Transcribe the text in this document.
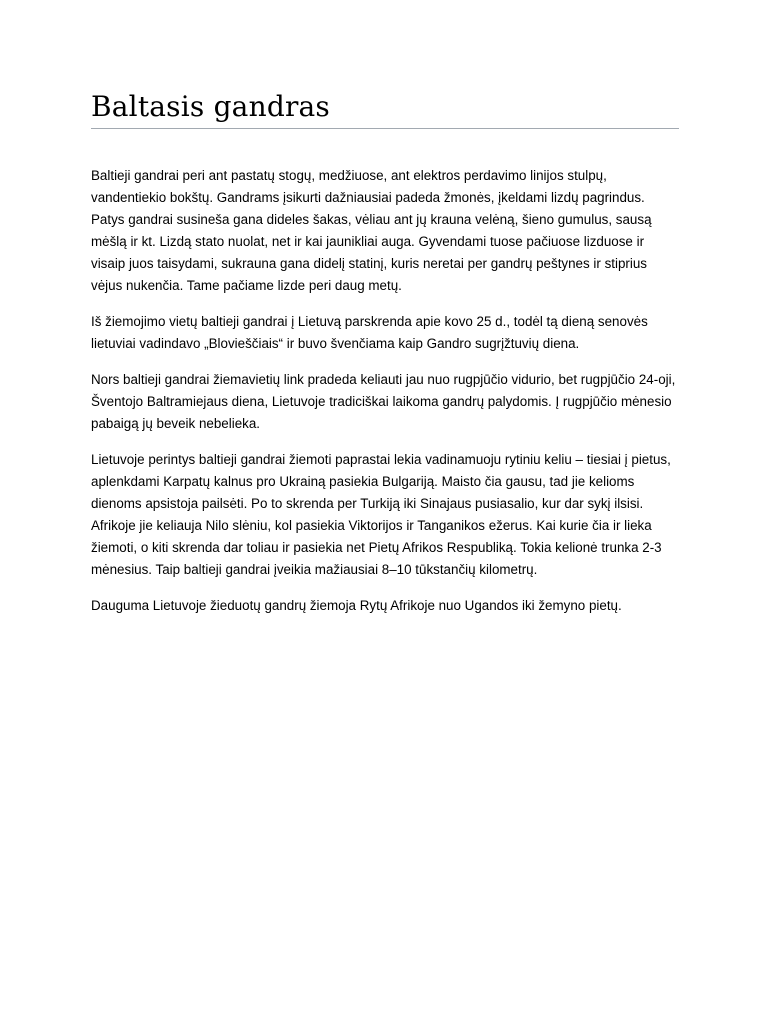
Baltasis gandras

Baltieji gandrai peri ant pastatų stogų, medžiuose, ant elektros perdavimo linijos stulpų, vandentiekio bokštų. Gandrams įsikurti dažniausiai padeda žmonės, įkeldami lizdų pagrindus. Patys gandrai susineša gana dideles šakas, vėliau ant jų krauna velėną, šieno gumulus, sausą mėšlą ir kt. Lizdą stato nuolat, net ir kai jaunikliai auga. Gyvendami tuose pačiuose lizduose ir visaip juos taisydami, sukrauna gana didelį statinį, kuris neretai per gandrų peštynes ir stiprius vėjus nukenčia. Tame pačiame lizde peri daug metų.

Iš žiemojimo vietų baltieji gandrai į Lietuvą parskrenda apie kovo 25 d., todėl tą dieną senovės lietuviai vadindavo „Blovieščiais“ ir buvo švenčiama kaip Gandro sugrįžtuvių diena.

Nors baltieji gandrai žiemavietių link pradeda keliauti jau nuo rugpjūčio vidurio, bet rugpjūčio 24-oji, Šventojo Baltramiejaus diena, Lietuvoje tradiciškai laikoma gandrų palydomis. Į rugpjūčio mėnesio pabaigą jų beveik nebelieka.

Lietuvoje perintys baltieji gandrai žiemoti paprastai lekia vadinamuoju rytiniu keliu – tiesiai į pietus, aplenkdami Karpatų kalnus pro Ukrainą pasiekia Bulgariją. Maisto čia gausu, tad jie kelioms dienoms apsistoja pailsėti. Po to skrenda per Turkiją iki Sinajaus pusiasalio, kur dar sykį ilsisi. Afrikoje jie keliauja Nilo slėniu, kol pasiekia Viktorijos ir Tanganikos ežerus. Kai kurie čia ir lieka žiemoti, o kiti skrenda dar toliau ir pasiekia net Pietų Afrikos Respubliką. Tokia kelionė trunka 2-3 mėnesius. Taip baltieji gandrai įveikia mažiausiai 8–10 tūkstančių kilometrų.

Dauguma Lietuvoje žieduotų gandrų žiemoja Rytų Afrikoje nuo Ugandos iki žemyno pietų.
